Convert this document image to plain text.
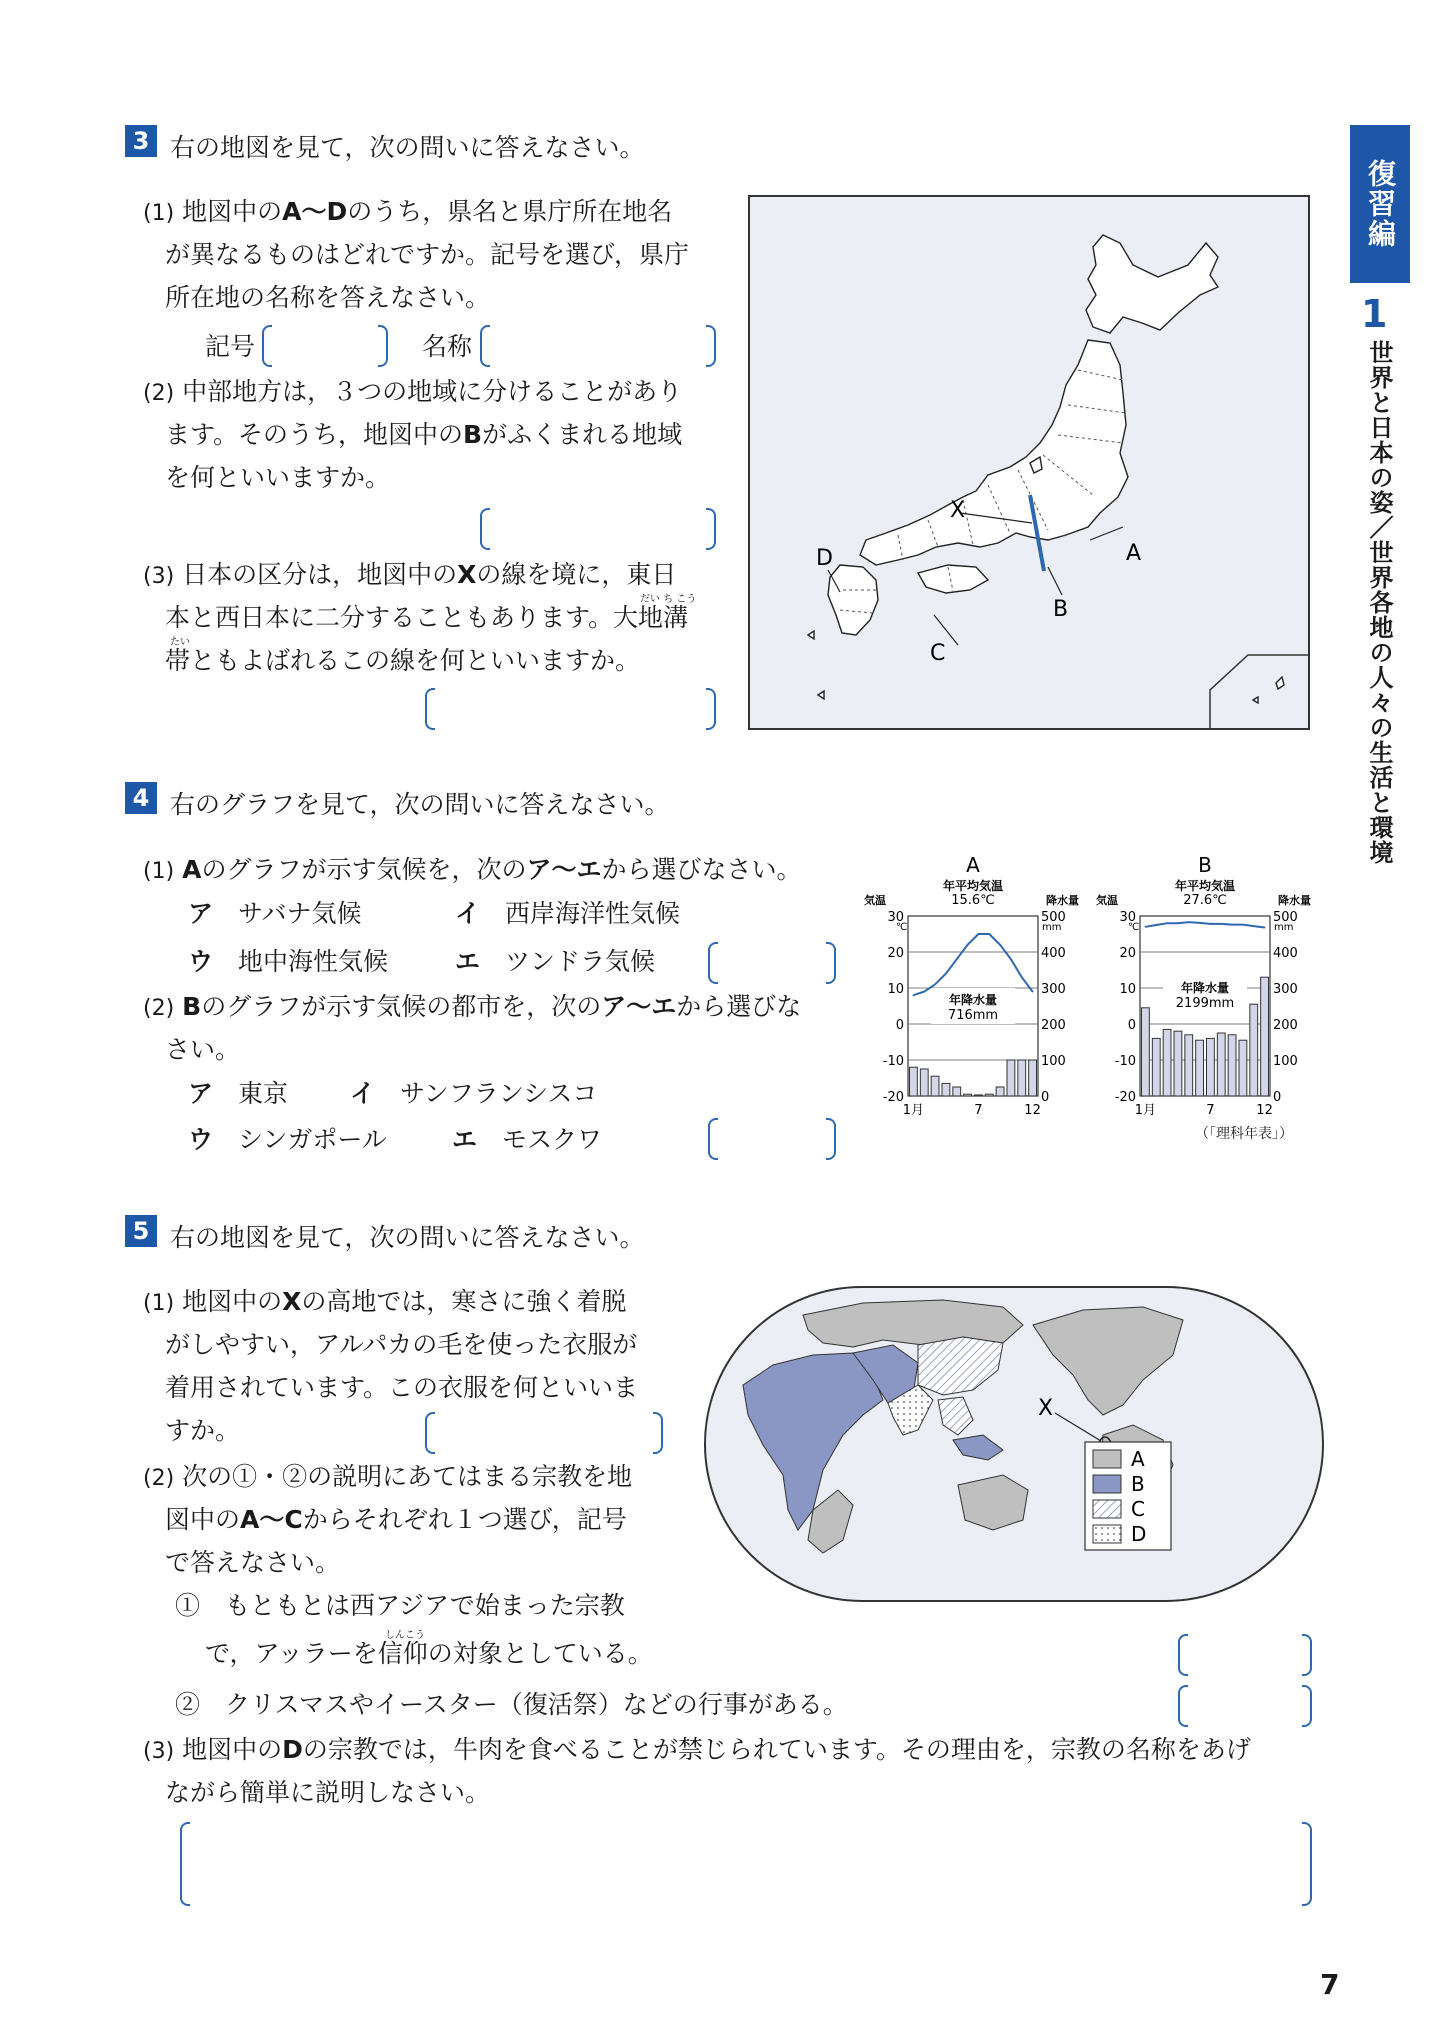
復習編
1
世界と日本の姿／世界各地の人々の生活と環境
3 右の地図を見て，次の問いに答えなさい。
(1) 地図中のA～Dのうち，県名と県庁所在地名
が異なるものはどれですか。記号を選び，県庁
所在地の名称を答えなさい。
記号	名称
(2) 中部地方は，３つの地域に分けることがあり
ます。そのうち，地図中のBがふくまれる地域
を何といいますか。
(3) 日本の区分は，地図中のXの線を境に，東日
だい ち こう
本と西日本に二分することもあります。大地溝
たい
帯ともよばれるこの線を何といいますか。
X
A
B
C
D
4 右のグラフを見て，次の問いに答えなさい。
(1) Aのグラフが示す気候を，次のア～エから選びなさい。
ア　 サバナ気候	イ　 西岸海洋性気候
ウ　 地中海性気候	エ　 ツンドラ気候
(2) Bのグラフが示す気候の都市を，次のア～エから選びな
さい。
ア　 東京 イ　 サンフランシスコ
ウ　 シンガポール	エ　 モスクワ
A
年平均気温
15.6℃
気温	降水量
℃	mm
30	500
20	400
10	300
0	200
-10	100
-20	0
年降水量
716mm
1月	7	12
B
年平均気温
27.6℃
気温	降水量
℃	mm
30	500
20	400
10	300
0	200
-10	100
-20	0
年降水量
2199mm
1月	7	12
（「理科年表」）
5 右の地図を見て，次の問いに答えなさい。
(1) 地図中のXの高地では，寒さに強く着脱
がしやすい，アルパカの毛を使った衣服が
着用されています。この衣服を何といいま
すか。
(2) 次の①・②の説明にあてはまる宗教を地
図中のA～Cからそれぞれ１つ選び，記号
で答えなさい。
①　もともとは西アジアで始まった宗教
しんこう
で，アッラーを信仰の対象としている。
②　クリスマスやイースター（復活祭）などの行事がある。
(3) 地図中のDの宗教では，牛肉を食べることが禁じられています。その理由を，宗教の名称をあげ
ながら簡単に説明しなさい。
X
A
B
C
D
7
